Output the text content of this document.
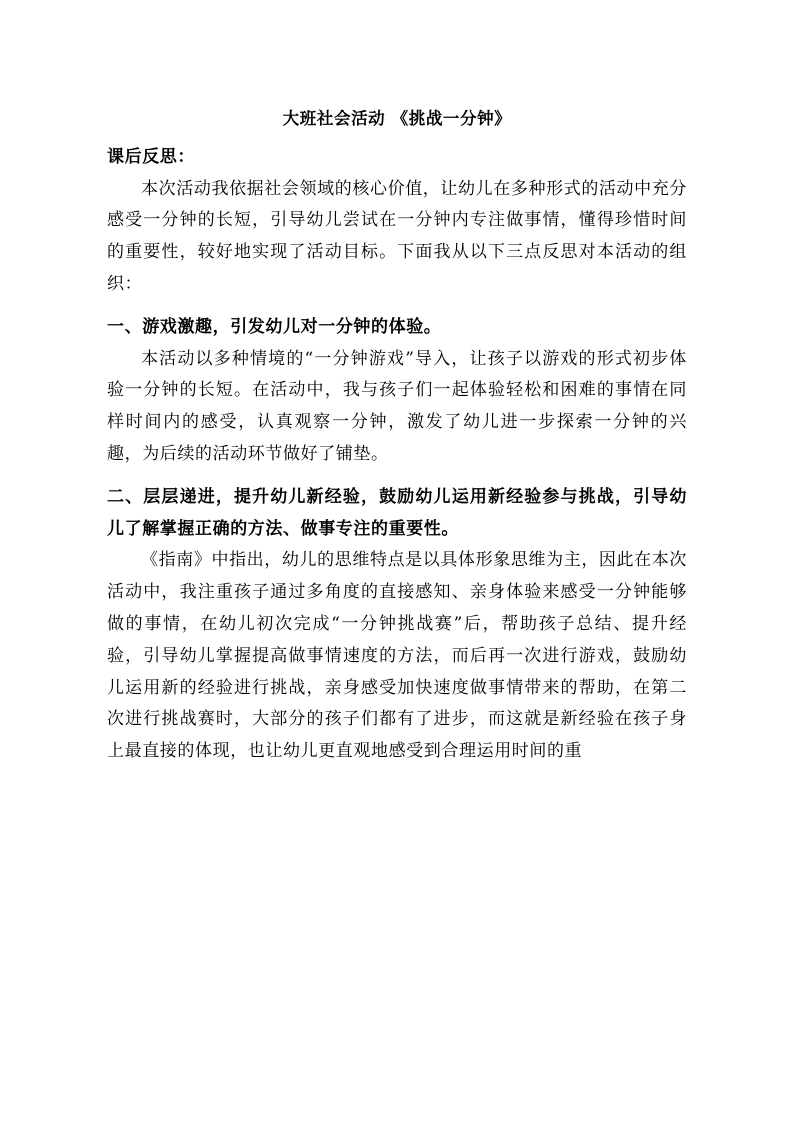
大班社会活动 《挑战一分钟》

课后反思：

本次活动我依据社会领域的核心价值，让幼儿在多种形式的活动中充分感受一分钟的长短，引导幼儿尝试在一分钟内专注做事情，懂得珍惜时间的重要性，较好地实现了活动目标。下面我从以下三点反思对本活动的组织：

一、游戏激趣，引发幼儿对一分钟的体验。

本活动以多种情境的“一分钟游戏”导入，让孩子以游戏的形式初步体验一分钟的长短。在活动中，我与孩子们一起体验轻松和困难的事情在同样时间内的感受，认真观察一分钟，激发了幼儿进一步探索一分钟的兴趣，为后续的活动环节做好了铺垫。

二、层层递进，提升幼儿新经验，鼓励幼儿运用新经验参与挑战，引导幼儿了解掌握正确的方法、做事专注的重要性。

《指南》中指出，幼儿的思维特点是以具体形象思维为主，因此在本次活动中，我注重孩子通过多角度的直接感知、亲身体验来感受一分钟能够做的事情，在幼儿初次完成“一分钟挑战赛”后，帮助孩子总结、提升经验，引导幼儿掌握提高做事情速度的方法，而后再一次进行游戏，鼓励幼儿运用新的经验进行挑战，亲身感受加快速度做事情带来的帮助，在第二次进行挑战赛时，大部分的孩子们都有了进步，而这就是新经验在孩子身上最直接的体现，也让幼儿更直观地感受到合理运用时间的重
